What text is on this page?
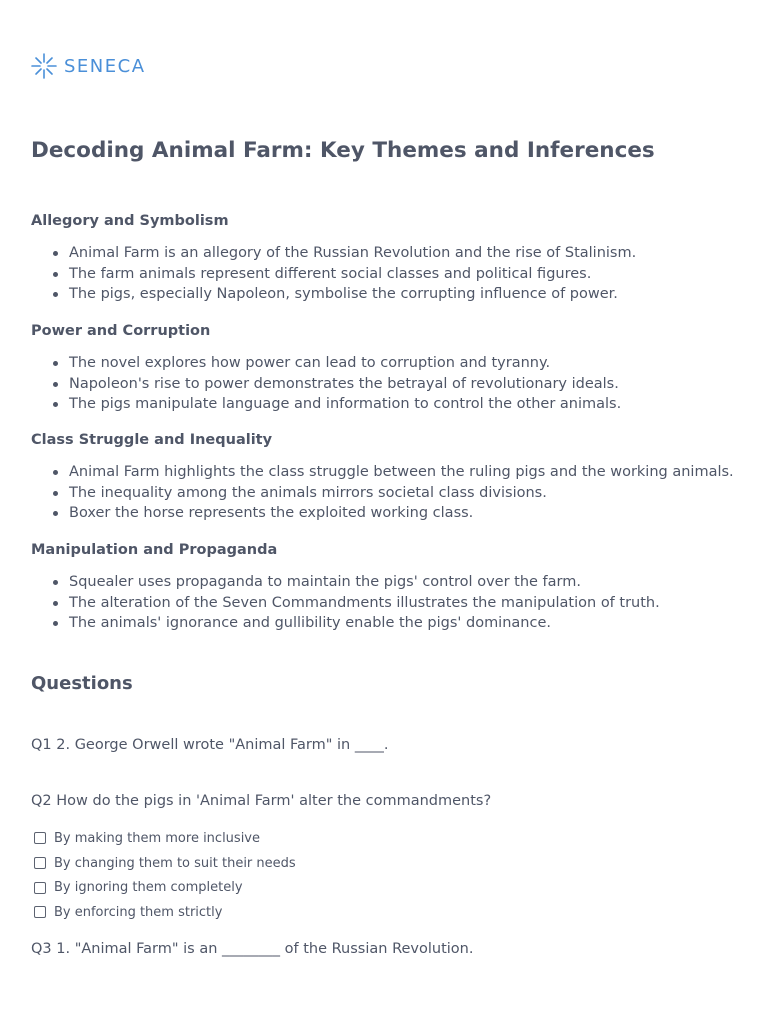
SENECA
Decoding Animal Farm: Key Themes and Inferences
Allegory and Symbolism
Animal Farm is an allegory of the Russian Revolution and the rise of Stalinism.
The farm animals represent different social classes and political figures.
The pigs, especially Napoleon, symbolise the corrupting influence of power.
Power and Corruption
The novel explores how power can lead to corruption and tyranny.
Napoleon's rise to power demonstrates the betrayal of revolutionary ideals.
The pigs manipulate language and information to control the other animals.
Class Struggle and Inequality
Animal Farm highlights the class struggle between the ruling pigs and the working animals.
The inequality among the animals mirrors societal class divisions.
Boxer the horse represents the exploited working class.
Manipulation and Propaganda
Squealer uses propaganda to maintain the pigs' control over the farm.
The alteration of the Seven Commandments illustrates the manipulation of truth.
The animals' ignorance and gullibility enable the pigs' dominance.
Questions
Q1 2. George Orwell wrote "Animal Farm" in ____.
Q2 How do the pigs in 'Animal Farm' alter the commandments?
By making them more inclusive
By changing them to suit their needs
By ignoring them completely
By enforcing them strictly
Q3 1. "Animal Farm" is an ________ of the Russian Revolution.
